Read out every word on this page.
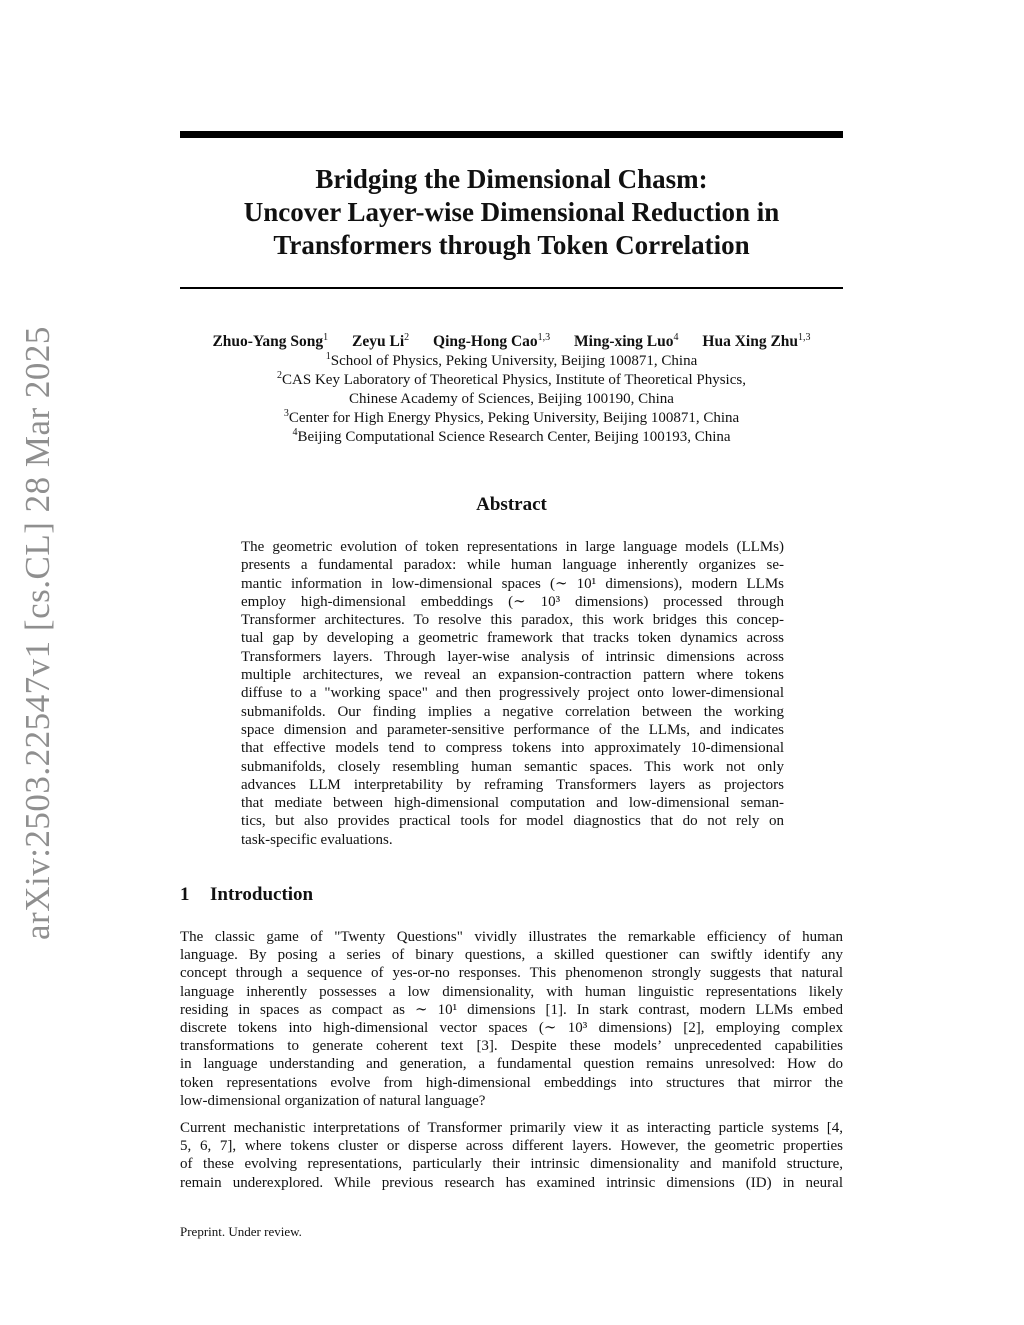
arXiv:2503.22547v1 [cs.CL] 28 Mar 2025
Bridging the Dimensional Chasm:
Uncover Layer-wise Dimensional Reduction in
Transformers through Token Correlation
Zhuo-Yang Song$^1$ Zeyu Li$^2$ Qing-Hong Cao$^{1,3}$ Ming-xing Luo$^4$ Hua Xing Zhu$^{1,3}$
$^1$School of Physics, Peking University, Beijing 100871, China
$^2$CAS Key Laboratory of Theoretical Physics, Institute of Theoretical Physics,
Chinese Academy of Sciences, Beijing 100190, China
$^3$Center for High Energy Physics, Peking University, Beijing 100871, China
$^4$Beijing Computational Science Research Center, Beijing 100193, China
Abstract
The geometric evolution of token representations in large language models (LLMs)
presents a fundamental paradox: while human language inherently organizes se-
mantic information in low-dimensional spaces (∼ 10¹ dimensions), modern LLMs
employ high-dimensional embeddings (∼ 10³ dimensions) processed through
Transformer architectures. To resolve this paradox, this work bridges this concep-
tual gap by developing a geometric framework that tracks token dynamics across
Transformers layers. Through layer-wise analysis of intrinsic dimensions across
multiple architectures, we reveal an expansion-contraction pattern where tokens
diffuse to a "working space" and then progressively project onto lower-dimensional
submanifolds. Our finding implies a negative correlation between the working
space dimension and parameter-sensitive performance of the LLMs, and indicates
that effective models tend to compress tokens into approximately 10-dimensional
submanifolds, closely resembling human semantic spaces. This work not only
advances LLM interpretability by reframing Transformers layers as projectors
that mediate between high-dimensional computation and low-dimensional seman-
tics, but also provides practical tools for model diagnostics that do not rely on
task-specific evaluations.
1 Introduction
The classic game of "Twenty Questions" vividly illustrates the remarkable efficiency of human
language. By posing a series of binary questions, a skilled questioner can swiftly identify any
concept through a sequence of yes-or-no responses. This phenomenon strongly suggests that natural
language inherently possesses a low dimensionality, with human linguistic representations likely
residing in spaces as compact as ∼ 10¹ dimensions [1]. In stark contrast, modern LLMs embed
discrete tokens into high-dimensional vector spaces (∼ 10³ dimensions) [2], employing complex
transformations to generate coherent text [3]. Despite these models’ unprecedented capabilities
in language understanding and generation, a fundamental question remains unresolved: How do
token representations evolve from high-dimensional embeddings into structures that mirror the
low-dimensional organization of natural language?
Current mechanistic interpretations of Transformer primarily view it as interacting particle systems [4,
5, 6, 7], where tokens cluster or disperse across different layers. However, the geometric properties
of these evolving representations, particularly their intrinsic dimensionality and manifold structure,
remain underexplored. While previous research has examined intrinsic dimensions (ID) in neural
Preprint. Under review.
